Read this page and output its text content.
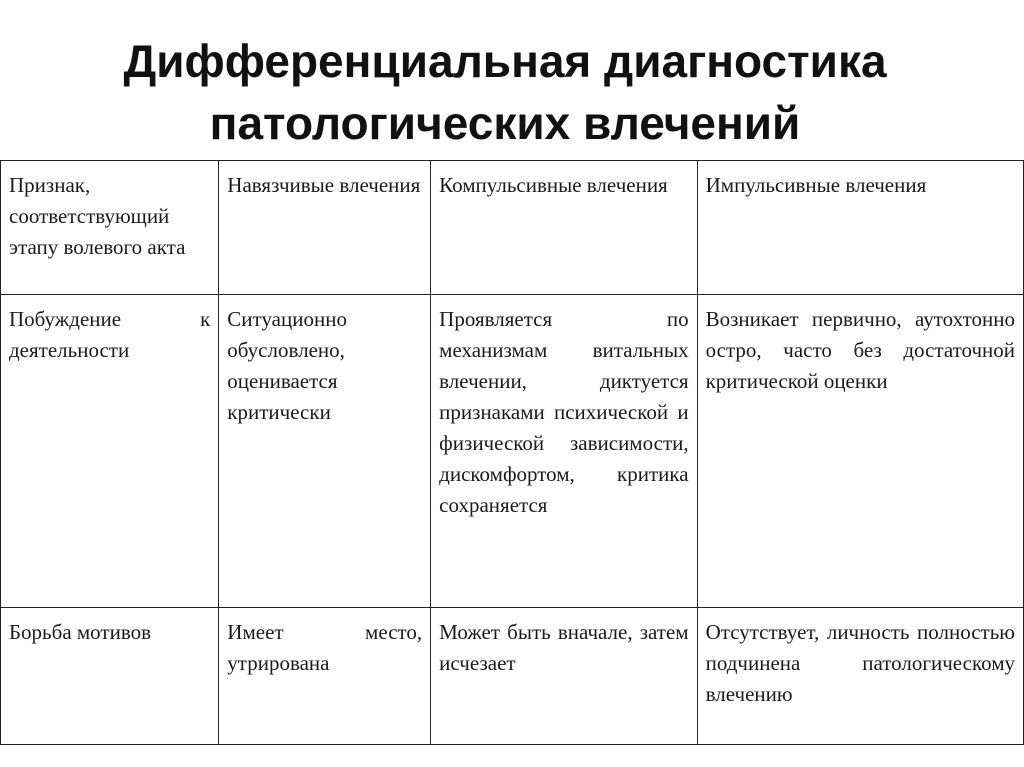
Дифференциальная диагностика
патологических влечений
Признак, соответствующий этапу волевого акта	Навязчивые влечения	Компульсивные влечения	Импульсивные влечения
Побуждение к деятельности	Ситуационно обусловлено, оценивается критически	Проявляется по механизмам витальных влечении, диктуется признаками психической и физической зависимости, дискомфортом, критика сохраняется	Возникает первично, аутохтонно остро, часто без достаточной критической оценки
Борьба мотивов	Имеет место, утрирована	Может быть вначале, затем исчезает	Отсутствует, личность полностью подчинена патологическому влечению
